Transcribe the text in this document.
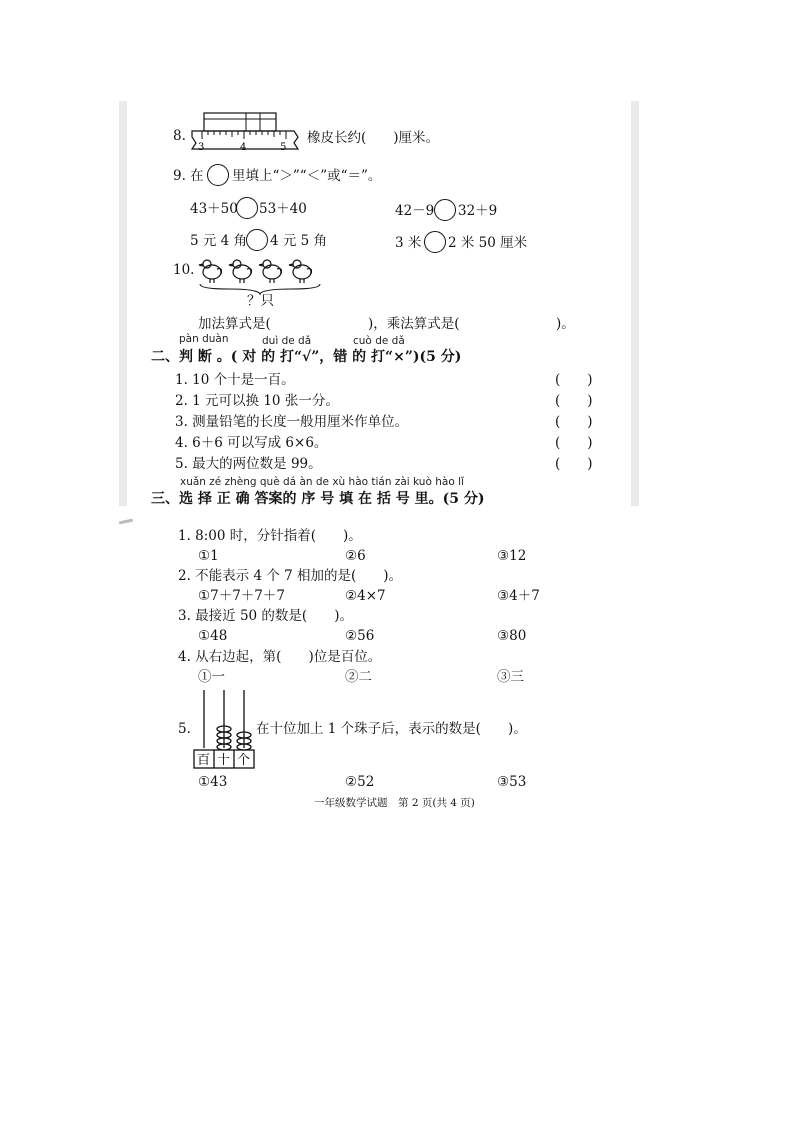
8.
3	4	5
橡皮长约(　　)厘米。
9. 在 里填上“＞”“＜”或“＝”。
43＋50 53＋40	42－9 32＋9
5 元 4 角 4 元 5 角	3 米 2 米 50 厘米
10.
？只
加法算式是(	)，乘法算式是(	)。
pàn duàn	duì de dǎ	cuò de dǎ
二、判 断 。( 对 的 打“√”，错 的 打“×”)(5 分)
1. 10 个十是一百。	(　　)
2. 1 元可以换 10 张一分。	(　　)
3. 测量铅笔的长度一般用厘米作单位。	(　　)
4. 6＋6 可以写成 6×6。	(　　)
5. 最大的两位数是 99。	(　　)
xuǎn zé zhèng què dá àn de xù hào tián zài kuò hào lǐ
三、选 择 正 确 答案的 序 号 填 在 括 号 里。(5 分)
1. 8:00 时，分针指着(　　)。
①1	②6	③12
2. 不能表示 4 个 7 相加的是(　　)。
①7＋7＋7＋7	②4×7	③4＋7
3. 最接近 50 的数是(　　)。
①48	②56	③80
4. 从右边起，第(　　)位是百位。
①一	②二	③三
5.
百 十 个
在十位加上 1 个珠子后，表示的数是(　　)。
①43	②52	③53
一年级数学试题　第 2 页(共 4 页)
